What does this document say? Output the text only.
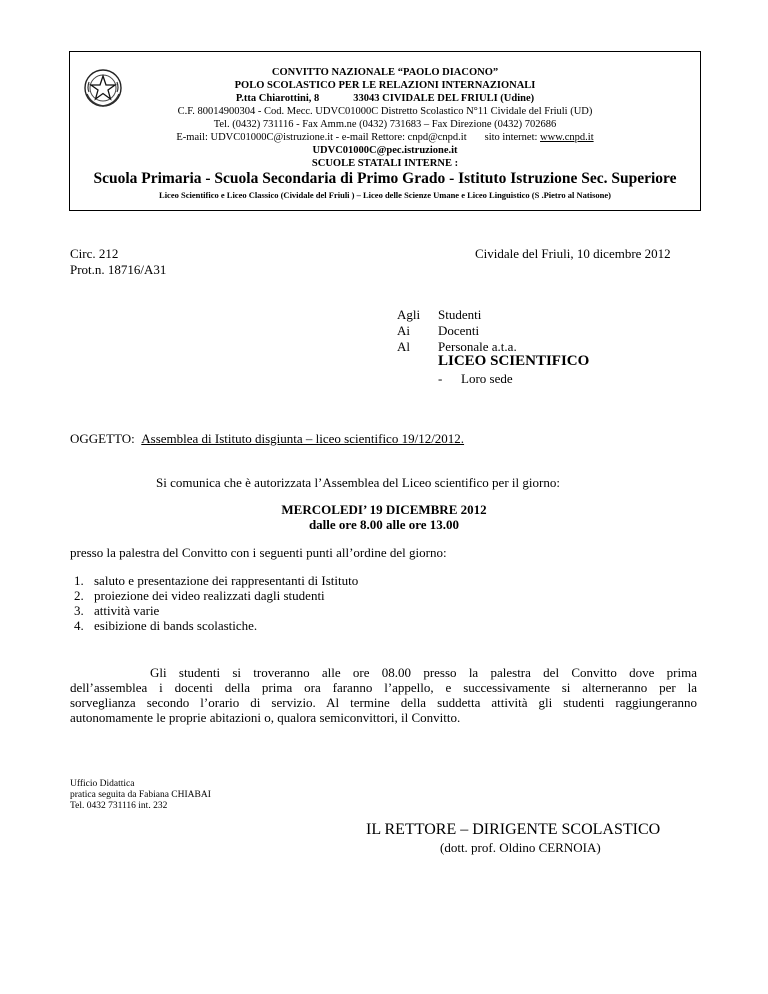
CONVITTO NAZIONALE “PAOLO DIACONO”
POLO SCOLASTICO PER LE RELAZIONI INTERNAZIONALI
P.tta Chiarottini, 8	33043 CIVIDALE DEL FRIULI (Udine)
C.F. 80014900304 - Cod. Mecc. UDVC01000C Distretto Scolastico N°11 Cividale del Friuli (UD)
Tel. (0432) 731116 - Fax Amm.ne (0432) 731683 – Fax Direzione (0432) 702686
E-mail: UDVC01000C@istruzione.it - e-mail Rettore: cnpd@cnpd.it sito internet: www.cnpd.it
UDVC01000C@pec.istruzione.it
SCUOLE STATALI INTERNE :
Scuola Primaria - Scuola Secondaria di Primo Grado - Istituto Istruzione Sec. Superiore
Liceo Scientifico e Liceo Classico (Cividale del Friuli ) – Liceo delle Scienze Umane e Liceo Linguistico (S .Pietro al Natisone)
Circ. 212
Prot.n. 18716/A31
Cividale del Friuli, 10 dicembre 2012
Agli Studenti
Ai Docenti
Al Personale a.t.a.
LICEO SCIENTIFICO
- Loro sede
OGGETTO: Assemblea di Istituto disgiunta – liceo scientifico 19/12/2012.
Si comunica che è autorizzata l’Assemblea del Liceo scientifico per il giorno:
MERCOLEDI’ 19 DICEMBRE 2012
dalle ore 8.00 alle ore 13.00
presso la palestra del Convitto con i seguenti punti all’ordine del giorno:
1. saluto e presentazione dei rappresentanti di Istituto
2. proiezione dei video realizzati dagli studenti
3. attività varie
4. esibizione di bands scolastiche.
Gli studenti si troveranno alle ore 08.00 presso la palestra del Convitto dove prima
dell’assemblea i docenti della prima ora faranno l’appello, e successivamente si alterneranno per la
sorveglianza secondo l’orario di servizio. Al termine della suddetta attività gli studenti raggiungeranno
autonomamente le proprie abitazioni o, qualora semiconvittori, il Convitto.
Ufficio Didattica
pratica seguita da Fabiana CHIABAI
Tel. 0432 731116 int. 232
IL RETTORE – DIRIGENTE SCOLASTICO
(dott. prof. Oldino CERNOIA)
